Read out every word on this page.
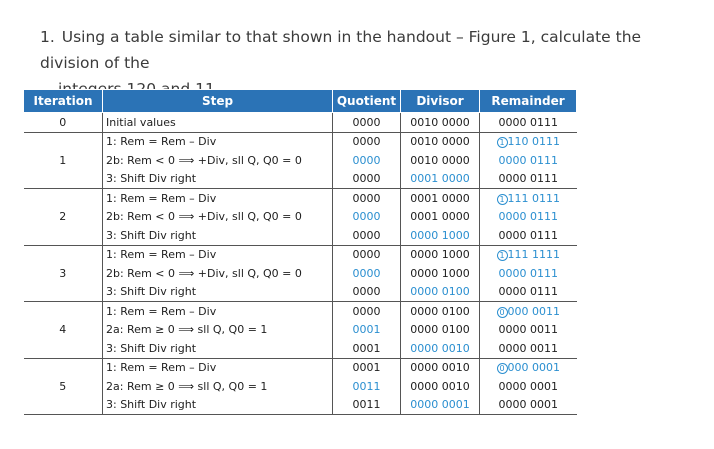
1. Using a table similar to that shown in the handout – Figure 1, calculate the division of the
Iteration	Step	Quotient	Divisor	Remainder
0	Initial values	0000	0010 0000	0000 0111
1	1: Rem = Rem – Div	0000	0010 0000	1 110 0111
	2b: Rem < 0 ⟹ +Div, sll Q, Q0 = 0	0000	0010 0000	0000 0111
	3: Shift Div right	0000	0001 0000	0000 0111
2	1: Rem = Rem – Div	0000	0001 0000	1 111 0111
	2b: Rem < 0 ⟹ +Div, sll Q, Q0 = 0	0000	0001 0000	0000 0111
	3: Shift Div right	0000	0000 1000	0000 0111
3	1: Rem = Rem – Div	0000	0000 1000	1 111 1111
	2b: Rem < 0 ⟹ +Div, sll Q, Q0 = 0	0000	0000 1000	0000 0111
	3: Shift Div right	0000	0000 0100	0000 0111
4	1: Rem = Rem – Div	0000	0000 0100	0 000 0011
	2a: Rem ≥ 0 ⟹ sll Q, Q0 = 1	0001	0000 0100	0000 0011
	3: Shift Div right	0001	0000 0010	0000 0011
5	1: Rem = Rem – Div	0001	0000 0010	0 000 0001
	2a: Rem ≥ 0 ⟹ sll Q, Q0 = 1	0011	0000 0010	0000 0001
	3: Shift Div right	0011	0000 0001	0000 0001
